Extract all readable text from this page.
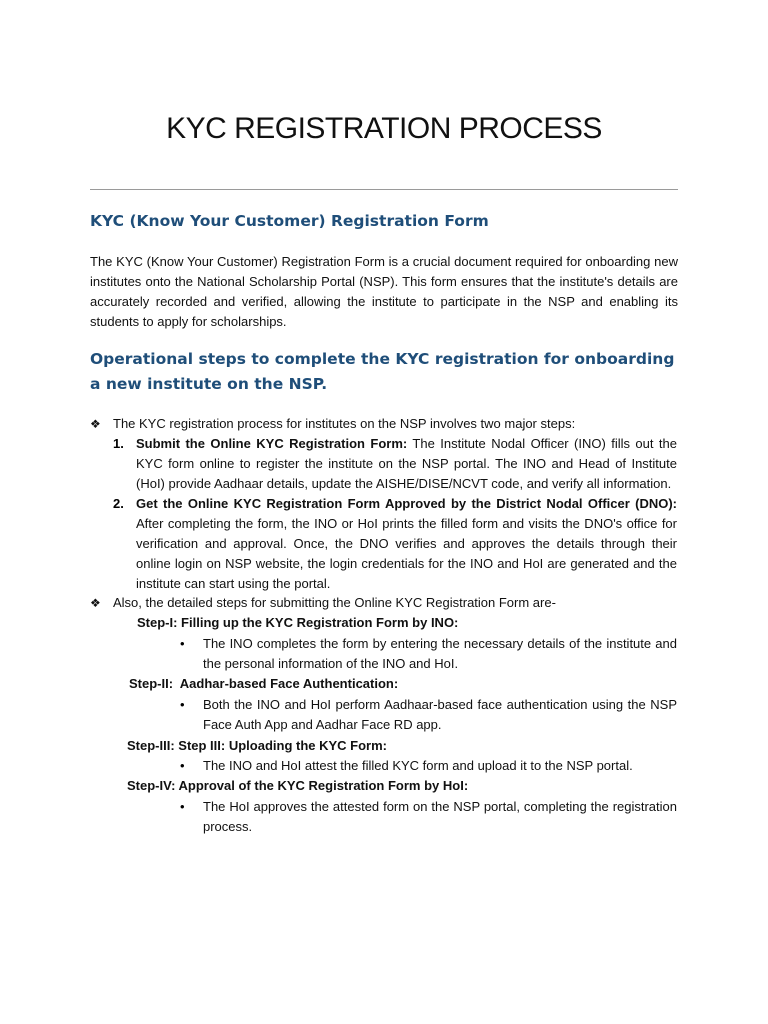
KYC REGISTRATION PROCESS
KYC (Know Your Customer) Registration Form
The KYC (Know Your Customer) Registration Form is a crucial document required for onboarding new institutes onto the National Scholarship Portal (NSP). This form ensures that the institute's details are accurately recorded and verified, allowing the institute to participate in the NSP and enabling its students to apply for scholarships.
Operational steps to complete the KYC registration for onboarding a new institute on the NSP.
❖ The KYC registration process for institutes on the NSP involves two major steps:
1. Submit the Online KYC Registration Form: The Institute Nodal Officer (INO) fills out the KYC form online to register the institute on the NSP portal. The INO and Head of Institute (HoI) provide Aadhaar details, update the AISHE/DISE/NCVT code, and verify all information.
2. Get the Online KYC Registration Form Approved by the District Nodal Officer (DNO): After completing the form, the INO or HoI prints the filled form and visits the DNO's office for verification and approval. Once, the DNO verifies and approves the details through their online login on NSP website, the login credentials for the INO and HoI are generated and the institute can start using the portal.
❖ Also, the detailed steps for submitting the Online KYC Registration Form are-
Step-I: Filling up the KYC Registration Form by INO:
• The INO completes the form by entering the necessary details of the institute and the personal information of the INO and HoI.
Step-II:  Aadhar-based Face Authentication:
• Both the INO and HoI perform Aadhaar-based face authentication using the NSP Face Auth App and Aadhar Face RD app.
Step-III: Step III: Uploading the KYC Form:
• The INO and HoI attest the filled KYC form and upload it to the NSP portal.
Step-IV: Approval of the KYC Registration Form by HoI:
• The HoI approves the attested form on the NSP portal, completing the registration process.
